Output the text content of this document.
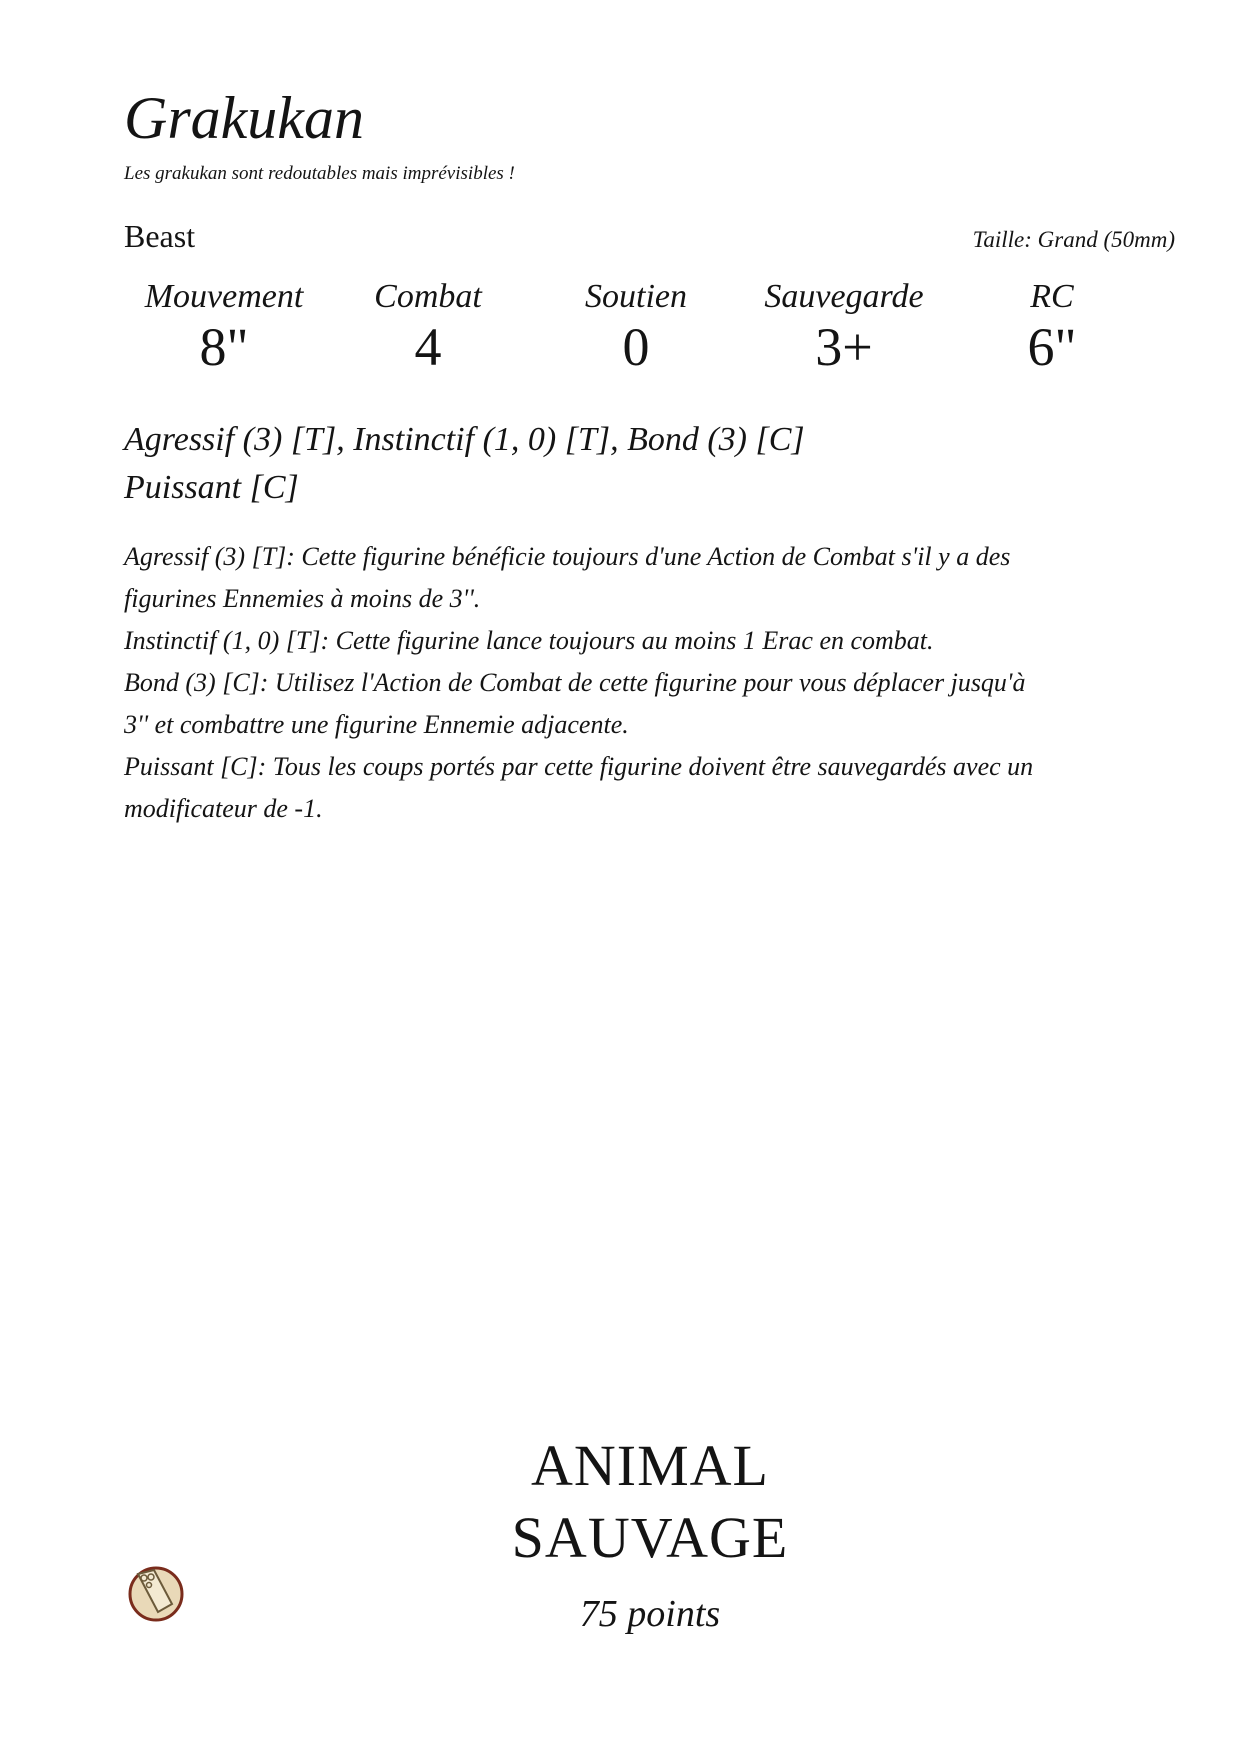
Grakukan
Les grakukan sont redoutables mais imprévisibles !
Beast	Taille: Grand (50mm)
Mouvement
8"
Combat
4
Soutien
0
Sauvegarde
3+
RC
6"
Agressif (3) [T], Instinctif (1, 0) [T], Bond (3) [C]
Puissant [C]

Agressif (3) [T]: Cette figurine bénéficie toujours d'une Action de Combat s'il y a des figurines Ennemies à moins de 3''.

Instinctif (1, 0) [T]: Cette figurine lance toujours au moins 1 Erac en combat.

Bond (3) [C]: Utilisez l'Action de Combat de cette figurine pour vous déplacer jusqu'à 3'' et combattre une figurine Ennemie adjacente.

Puissant [C]: Tous les coups portés par cette figurine doivent être sauvegardés avec un modificateur de -1.

ANIMAL
SAUVAGE
75 points
